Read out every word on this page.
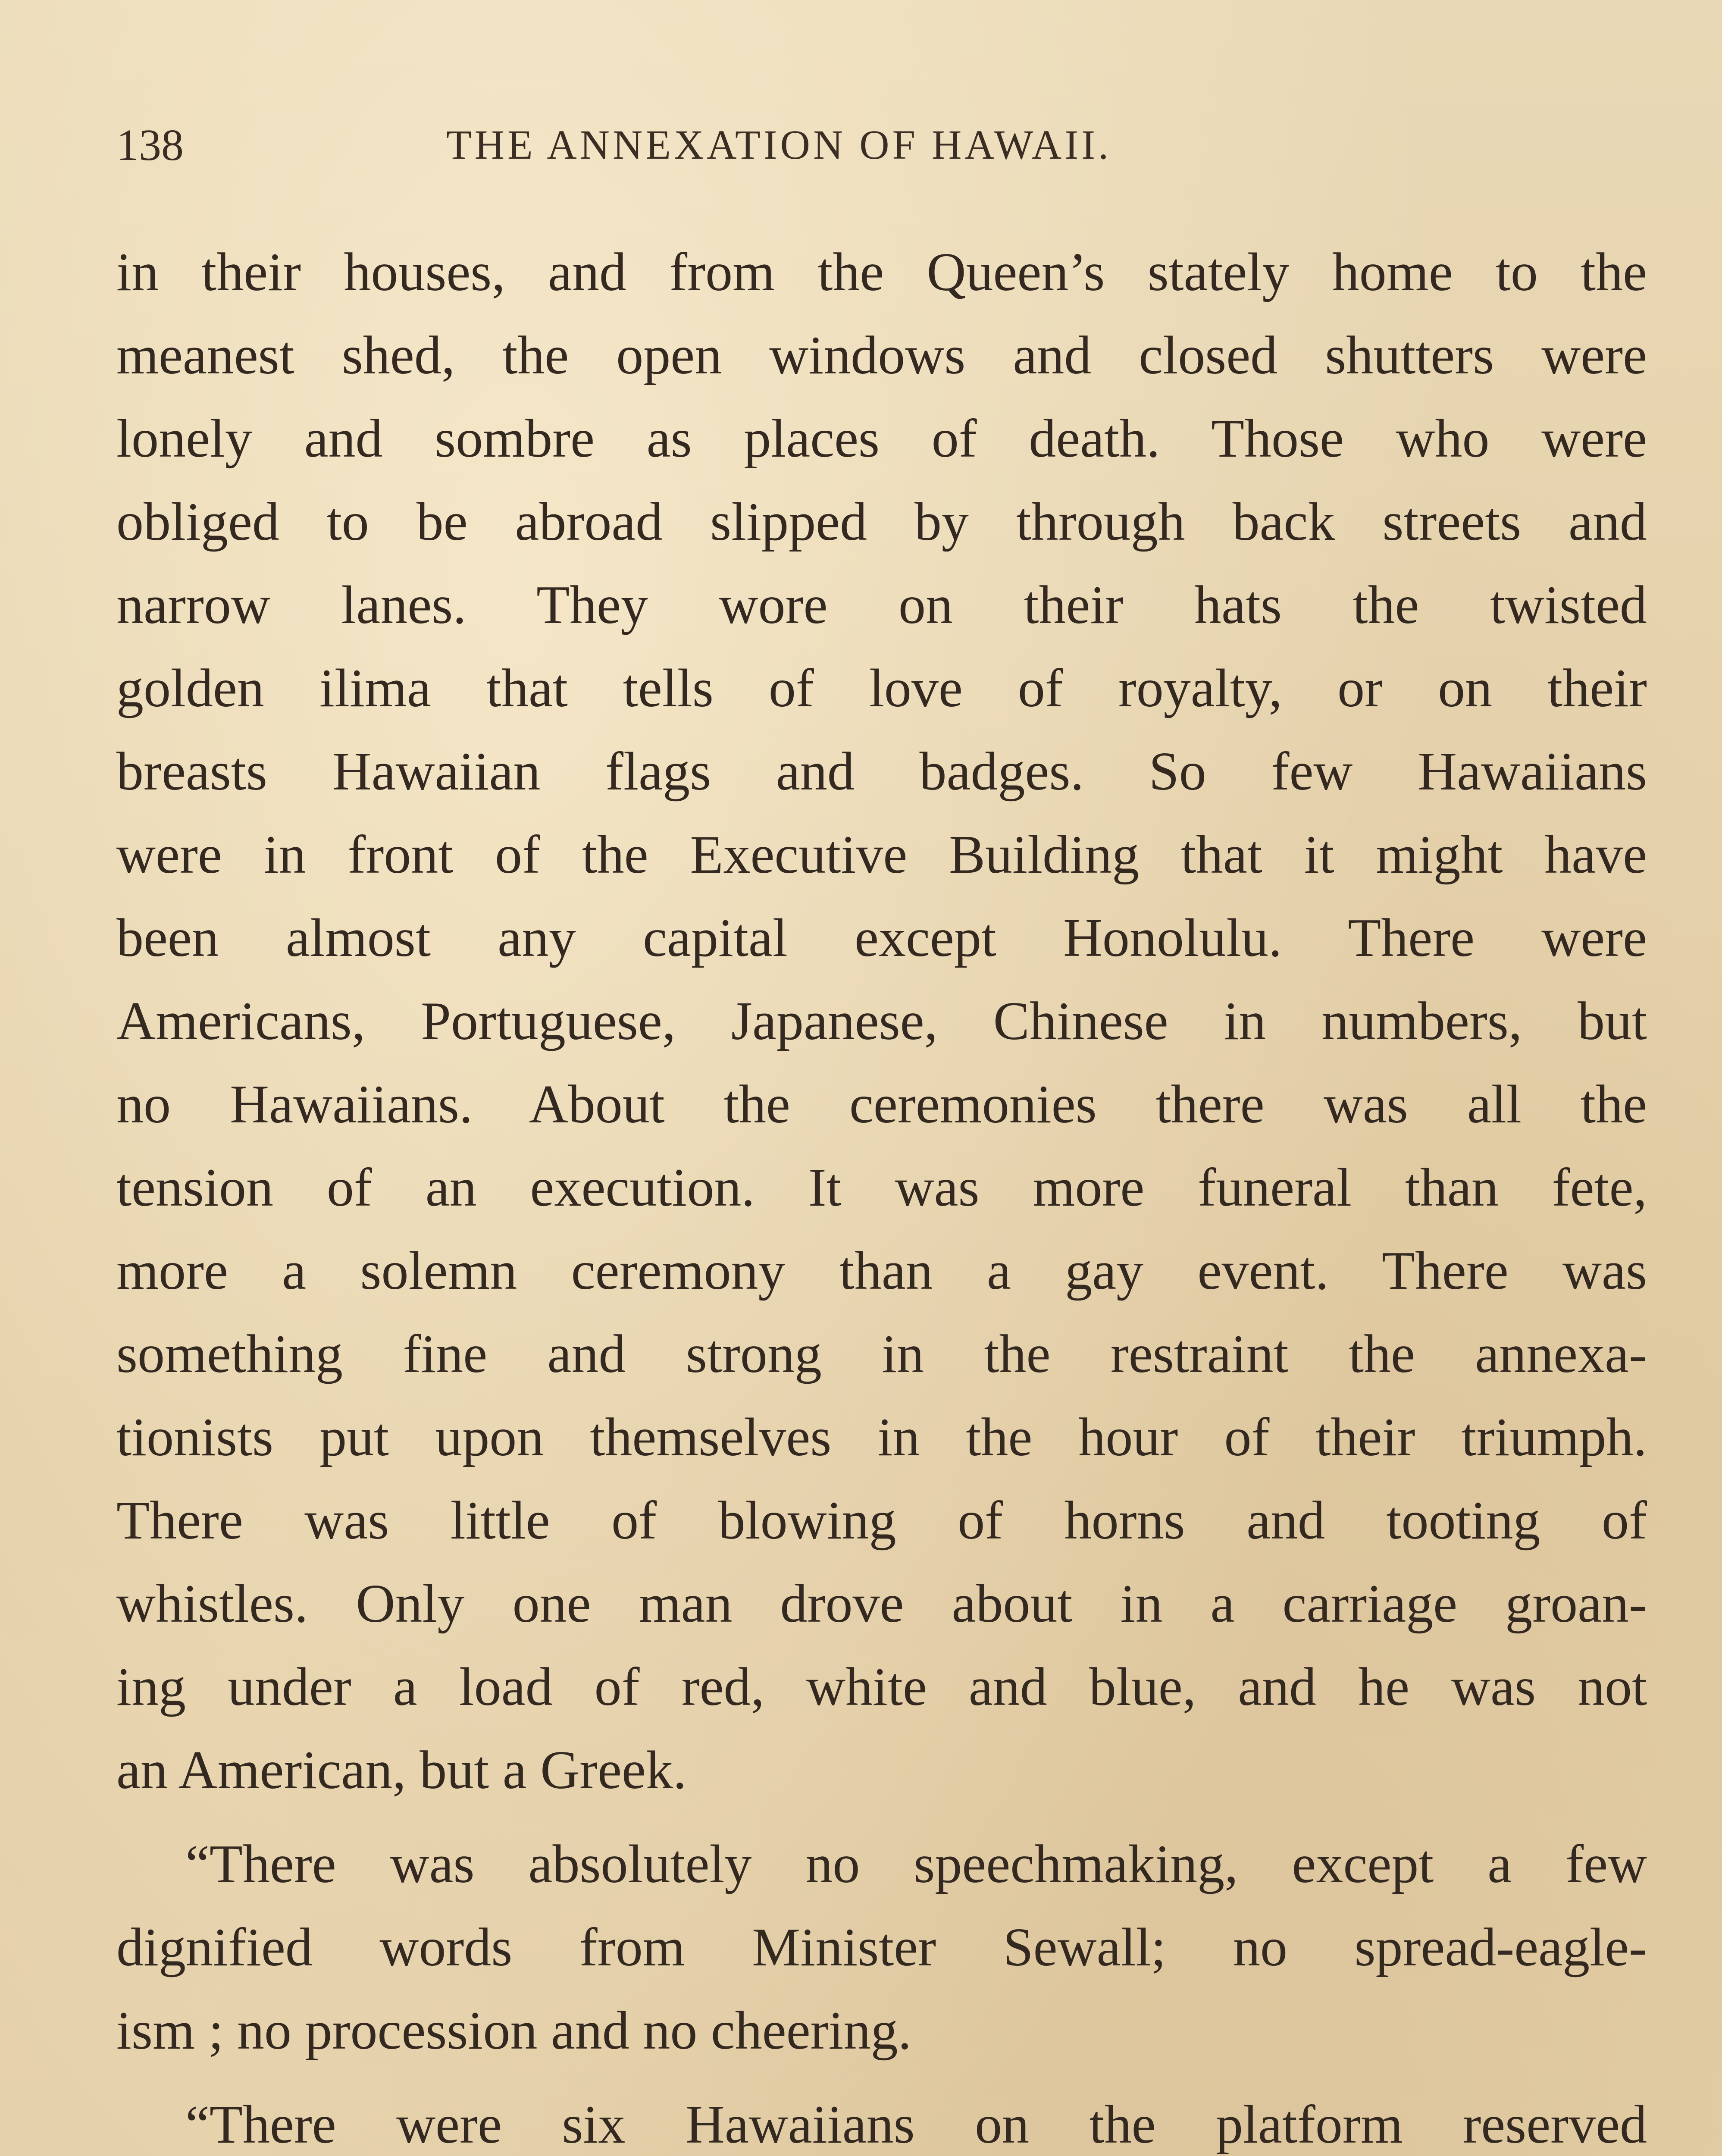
138	THE ANNEXATION OF HAWAII.
in their houses, and from the Queen’s stately home to the
meanest shed, the open windows and closed shutters were
lonely and sombre as places of death. Those who were
obliged to be abroad slipped by through back streets and
narrow lanes. They wore on their hats the twisted
golden ilima that tells of love of royalty, or on their
breasts Hawaiian flags and badges. So few Hawaiians
were in front of the Executive Building that it might have
been almost any capital except Honolulu. There were
Americans, Portuguese, Japanese, Chinese in numbers, but
no Hawaiians. About the ceremonies there was all the
tension of an execution. It was more funeral than fete,
more a solemn ceremony than a gay event. There was
something fine and strong in the restraint the annexa-
tionists put upon themselves in the hour of their triumph.
There was little of blowing of horns and tooting of
whistles. Only one man drove about in a carriage groan-
ing under a load of red, white and blue, and he was not
an American, but a Greek.
“There was absolutely no speechmaking, except a few
dignified words from Minister Sewall; no spread-eagle-
ism ; no procession and no cheering.
“There were six Hawaiians on the platform reserved
